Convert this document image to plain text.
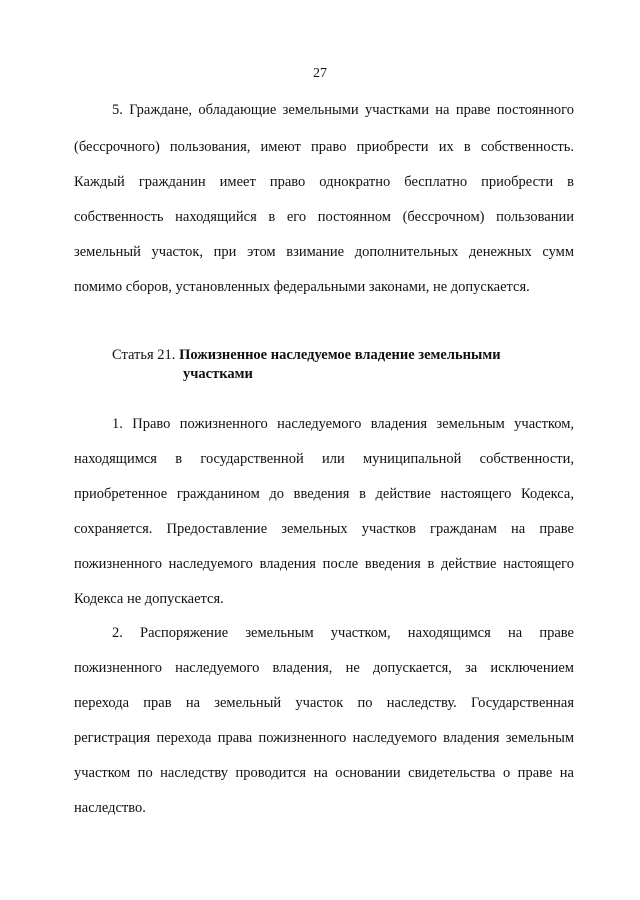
27
5. Граждане, обладающие земельными участками на праве постоянного
(бессрочного) пользования, имеют право приобрести их в собственность.
Каждый гражданин имеет право однократно бесплатно приобрести в
собственность находящийся в его постоянном (бессрочном) пользовании
земельный участок, при этом взимание дополнительных денежных сумм
помимо сборов, установленных федеральными законами, не допускается.
Статья 21. Пожизненное наследуемое владение земельными
участками
1. Право пожизненного наследуемого владения земельным участком,
находящимся в государственной или муниципальной собственности,
приобретенное гражданином до введения в действие настоящего Кодекса,
сохраняется. Предоставление земельных участков гражданам на праве
пожизненного наследуемого владения после введения в действие настоящего
Кодекса не допускается.
2. Распоряжение земельным участком, находящимся на праве
пожизненного наследуемого владения, не допускается, за исключением
перехода прав на земельный участок по наследству. Государственная
регистрация перехода права пожизненного наследуемого владения земельным
участком по наследству проводится на основании свидетельства о праве на
наследство.
